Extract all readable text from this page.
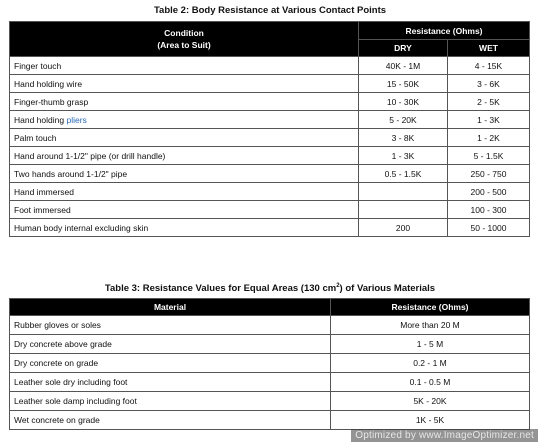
Table 2: Body Resistance at Various Contact Points
Condition
(Area to Suit)	Resistance (Ohms)	
	DRY	WET
Finger touch	40K - 1M	4 - 15K
Hand holding wire	15 - 50K	3 - 6K
Finger-thumb grasp	10 - 30K	2 - 5K
Hand holding pliers	5 - 20K	1 - 3K
Palm touch	3 - 8K	1 - 2K
Hand around 1-1/2" pipe (or drill handle)	1 - 3K	5 - 1.5K
Two hands around 1-1/2" pipe	0.5 - 1.5K	250 - 750
Hand immersed		200 - 500
Foot immersed		100 - 300
Human body internal excluding skin	200	50 - 1000
Table 3: Resistance Values for Equal Areas (130 $cm^2$) of Various Materials
Material	Resistance (Ohms)
Rubber gloves or soles	More than 20 M
Dry concrete above grade	1 - 5 M
Dry concrete on grade	0.2 - 1 M
Leather sole dry including foot	0.1 - 0.5 M
Leather sole damp including foot	5K - 20K
Wet concrete on grade	1K - 5K
Optimized by www.ImageOptimizer.net
